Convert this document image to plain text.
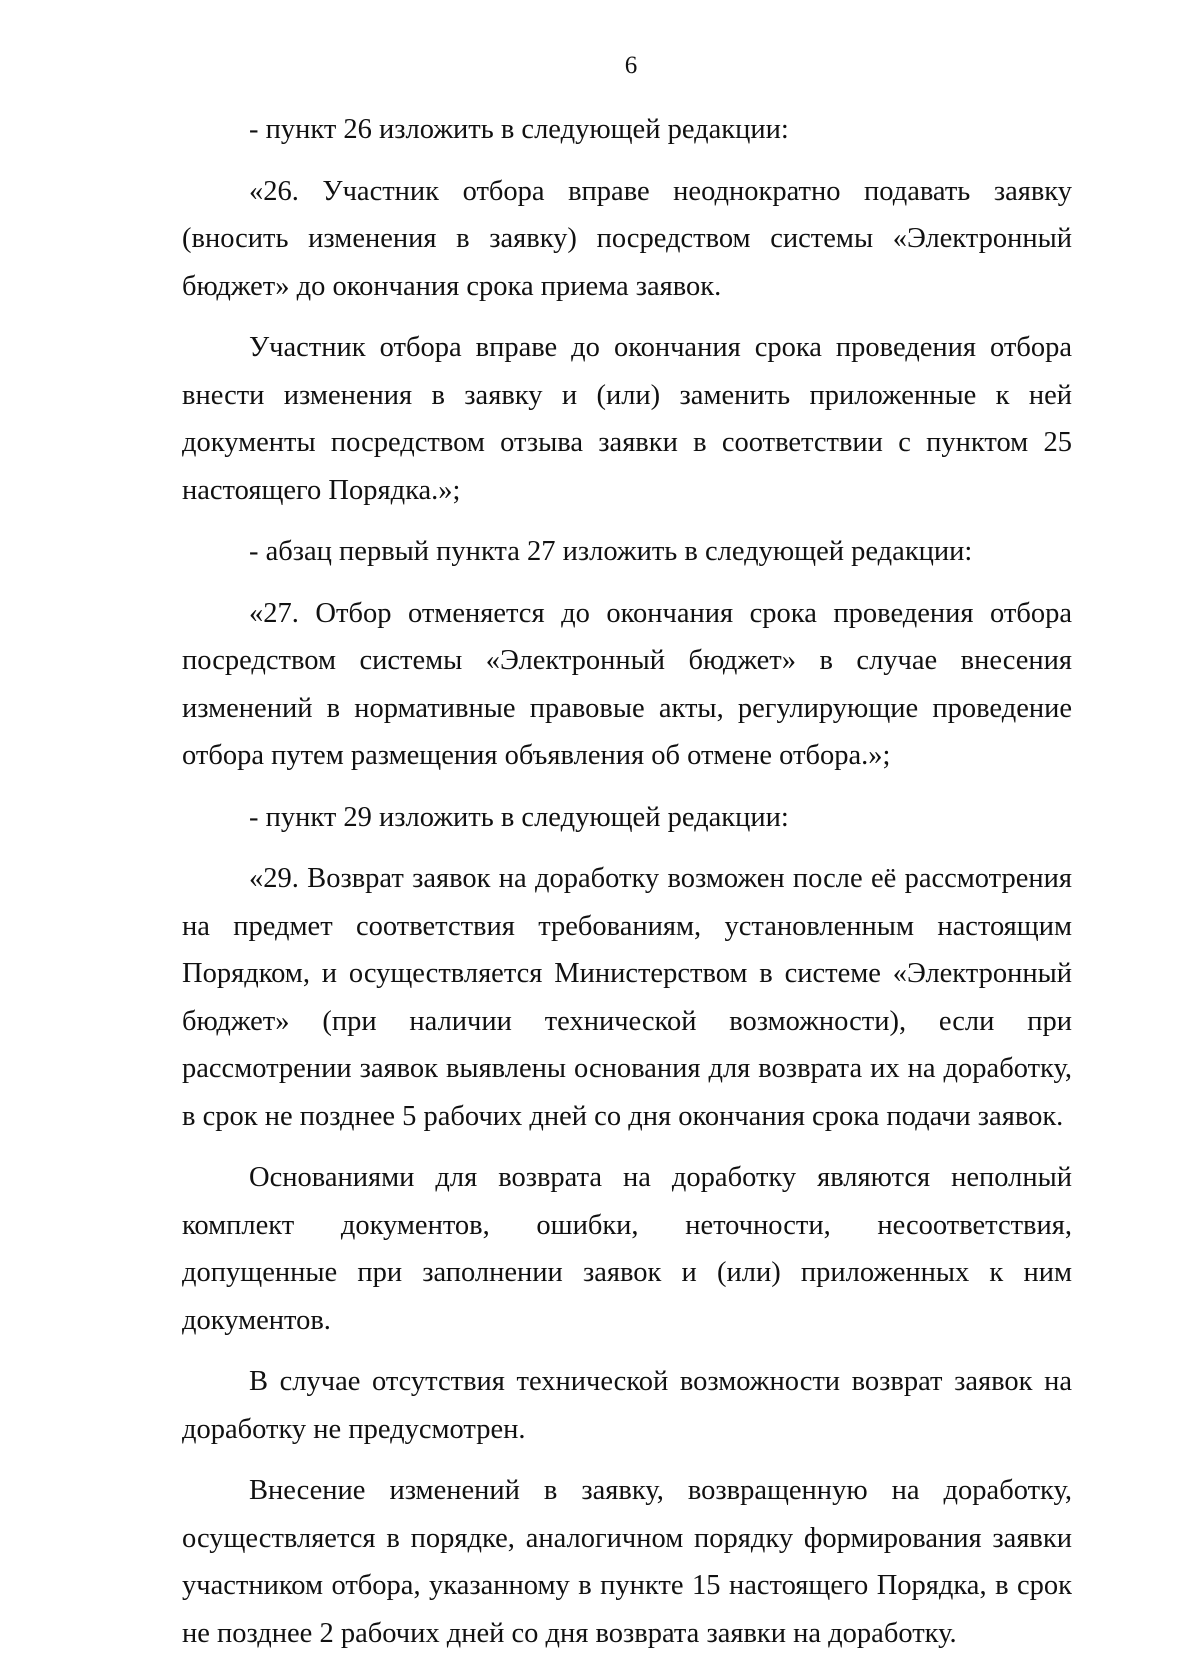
6

- пункт 26 изложить в следующей редакции:

«26. Участник отбора вправе неоднократно подавать заявку (вносить изменения в заявку) посредством системы «Электронный бюджет» до окончания срока приема заявок.

Участник отбора вправе до окончания срока проведения отбора внести изменения в заявку и (или) заменить приложенные к ней документы посредством отзыва заявки в соответствии с пунктом 25 настоящего Порядка.»;

- абзац первый пункта 27 изложить в следующей редакции:

«27. Отбор отменяется до окончания срока проведения отбора посредством системы «Электронный бюджет» в случае внесения изменений в нормативные правовые акты, регулирующие проведение отбора путем размещения объявления об отмене отбора.»;

- пункт 29 изложить в следующей редакции:

«29. Возврат заявок на доработку возможен после её рассмотрения на предмет соответствия требованиям, установленным настоящим Порядком, и осуществляется Министерством в системе «Электронный бюджет» (при наличии технической возможности), если при рассмотрении заявок выявлены основания для возврата их на доработку, в срок не позднее 5 рабочих дней со дня окончания срока подачи заявок.

Основаниями для возврата на доработку являются неполный комплект документов, ошибки, неточности, несоответствия, допущенные при заполнении заявок и (или) приложенных к ним документов.

В случае отсутствия технической возможности возврат заявок на доработку не предусмотрен.

Внесение изменений в заявку, возвращенную на доработку, осуществляется в порядке, аналогичном порядку формирования заявки участником отбора, указанному в пункте 15 настоящего Порядка, в срок не позднее 2 рабочих дней со дня возврата заявки на доработку.
